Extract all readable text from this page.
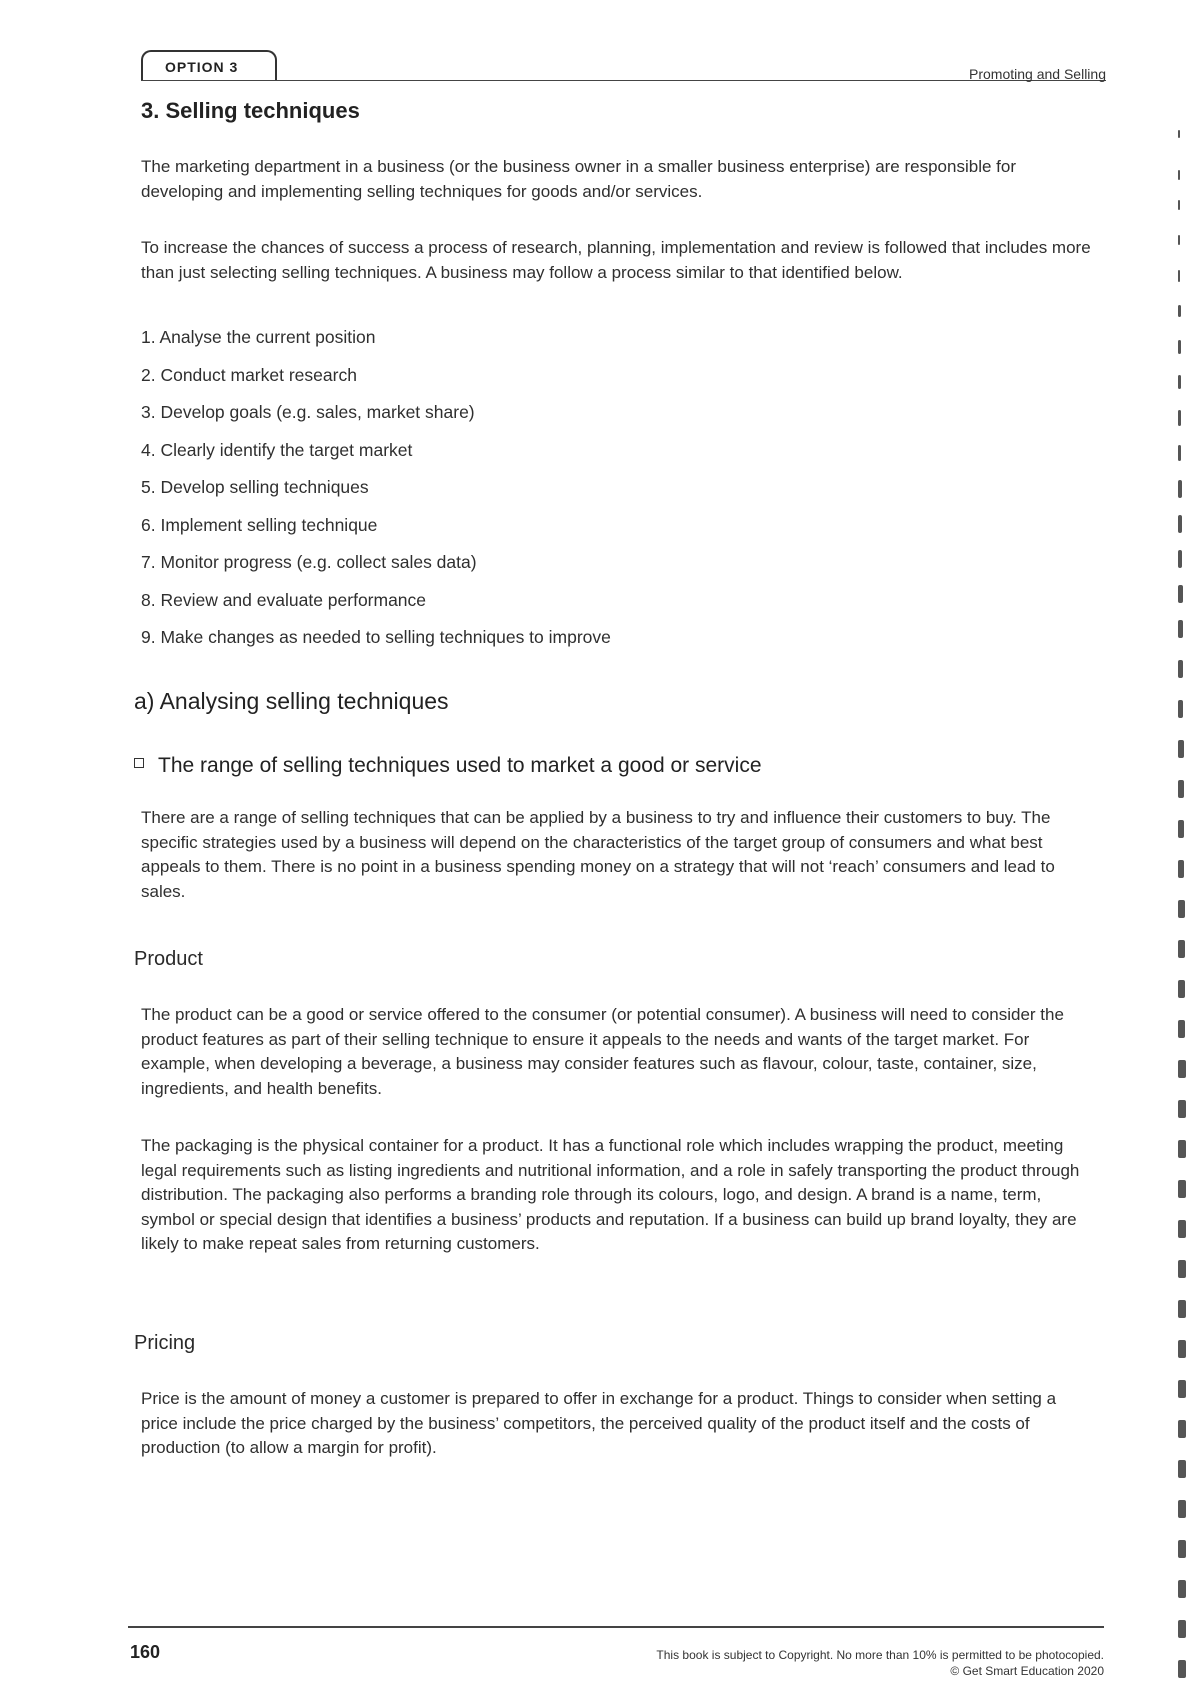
OPTION 3	Promoting and Selling
3. Selling techniques

The marketing department in a business (or the business owner in a smaller business enterprise) are responsible for developing and implementing selling techniques for goods and/or services.

To increase the chances of success a process of research, planning, implementation and review is followed that includes more than just selecting selling techniques. A business may follow a process similar to that identified below.

1. Analyse the current position
2. Conduct market research
3. Develop goals (e.g. sales, market share)
4. Clearly identify the target market
5. Develop selling techniques
6. Implement selling technique
7. Monitor progress (e.g. collect sales data)
8. Review and evaluate performance
9. Make changes as needed to selling techniques to improve
a) Analysing selling techniques
The range of selling techniques used to market a good or service

There are a range of selling techniques that can be applied by a business to try and influence their customers to buy. The specific strategies used by a business will depend on the characteristics of the target group of consumers and what best appeals to them. There is no point in a business spending money on a strategy that will not ‘reach’ consumers and lead to sales.

Product

The product can be a good or service offered to the consumer (or potential consumer). A business will need to consider the product features as part of their selling technique to ensure it appeals to the needs and wants of the target market. For example, when developing a beverage, a business may consider features such as flavour, colour, taste, container, size, ingredients, and health benefits.

The packaging is the physical container for a product. It has a functional role which includes wrapping the product, meeting legal requirements such as listing ingredients and nutritional information, and a role in safely transporting the product through distribution. The packaging also performs a branding role through its colours, logo, and design. A brand is a name, term, symbol or special design that identifies a business’ products and reputation. If a business can build up brand loyalty, they are likely to make repeat sales from returning customers.

Pricing

Price is the amount of money a customer is prepared to offer in exchange for a product. Things to consider when setting a price include the price charged by the business’ competitors, the perceived quality of the product itself and the costs of production (to allow a margin for profit).

160	This book is subject to Copyright. No more than 10% is permitted to be photocopied.
© Get Smart Education 2020
